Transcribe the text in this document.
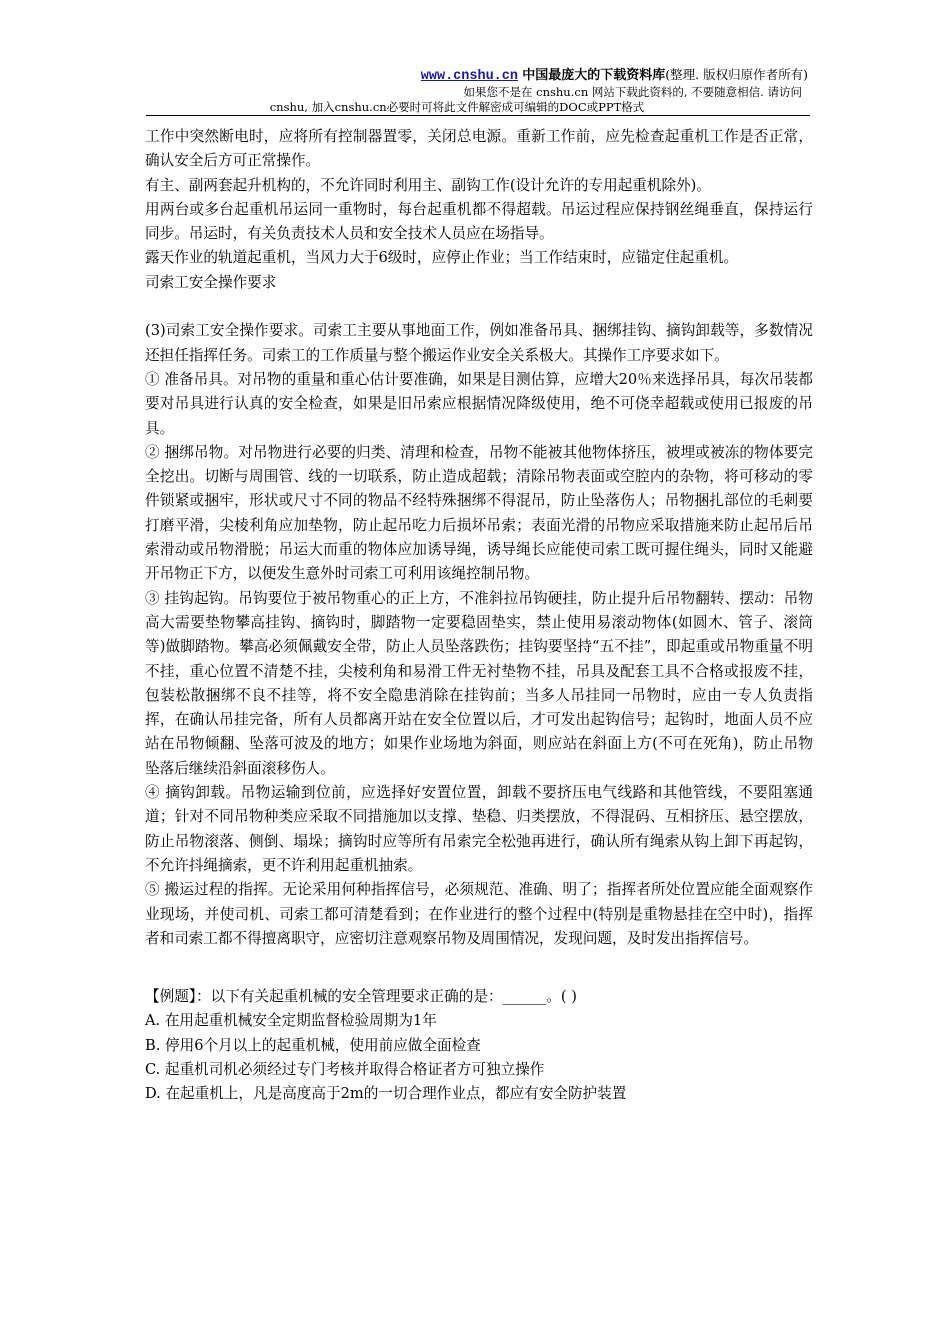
www.cnshu.cn 中国最庞大的下载资料库(整理. 版权归原作者所有)
如果您不是在 cnshu.cn 网站下载此资料的, 不要随意相信. 请访问
cnshu, 加入cnshu.cn必要时可将此文件解密成可编辑的DOC或PPT格式

工作中突然断电时，应将所有控制器置零，关闭总电源。重新工作前，应先检查起重机工作是否正常，确认安全后方可正常操作。

有主、副两套起升机构的，不允许同时利用主、副钩工作(设计允许的专用起重机除外)。

用两台或多台起重机吊运同一重物时，每台起重机都不得超载。吊运过程应保持钢丝绳垂直，保持运行同步。吊运时，有关负责技术人员和安全技术人员应在场指导。

露天作业的轨道起重机，当风力大于6级时，应停止作业；当工作结束时，应锚定住起重机。

司索工安全操作要求

(3)司索工安全操作要求。司索工主要从事地面工作，例如准备吊具、捆绑挂钩、摘钩卸载等，多数情况还担任指挥任务。司索工的工作质量与整个搬运作业安全关系极大。其操作工序要求如下。

① 准备吊具。对吊物的重量和重心估计要准确，如果是目测估算，应增大20％来选择吊具，每次吊装都要对吊具进行认真的安全检查，如果是旧吊索应根据情况降级使用，绝不可侥幸超载或使用已报废的吊具。

② 捆绑吊物。对吊物进行必要的归类、清理和检查，吊物不能被其他物体挤压，被埋或被冻的物体要完全挖出。切断与周围管、线的一切联系，防止造成超载；清除吊物表面或空腔内的杂物，将可移动的零件锁紧或捆牢，形状或尺寸不同的物品不经特殊捆绑不得混吊，防止坠落伤人；吊物捆扎部位的毛刺要打磨平滑，尖棱利角应加垫物，防止起吊吃力后损坏吊索；表面光滑的吊物应采取措施来防止起吊后吊索滑动或吊物滑脱；吊运大而重的物体应加诱导绳，诱导绳长应能使司索工既可握住绳头，同时又能避开吊物正下方，以便发生意外时司索工可利用该绳控制吊物。

③ 挂钩起钩。吊钩要位于被吊物重心的正上方，不准斜拉吊钩硬挂，防止提升后吊物翻转、摆动：吊物高大需要垫物攀高挂钩、摘钩时，脚踏物一定要稳固垫实，禁止使用易滚动物体(如圆木、管子、滚筒等)做脚踏物。攀高必须佩戴安全带，防止人员坠落跌伤；挂钩要坚持“五不挂”，即起重或吊物重量不明不挂，重心位置不清楚不挂，尖棱利角和易滑工件无衬垫物不挂，吊具及配套工具不合格或报废不挂，包装松散捆绑不良不挂等，将不安全隐患消除在挂钩前；当多人吊挂同一吊物时，应由一专人负责指挥，在确认吊挂完备，所有人员都离开站在安全位置以后，才可发出起钩信号；起钩时，地面人员不应站在吊物倾翻、坠落可波及的地方；如果作业场地为斜面，则应站在斜面上方(不可在死角)，防止吊物坠落后继续沿斜面滚移伤人。

④ 摘钩卸载。吊物运输到位前，应选择好安置位置，卸载不要挤压电气线路和其他管线，不要阻塞通道；针对不同吊物种类应采取不同措施加以支撑、垫稳、归类摆放，不得混码、互相挤压、悬空摆放，防止吊物滚落、侧倒、塌垛；摘钩时应等所有吊索完全松弛再进行，确认所有绳索从钩上卸下再起钩，不允许抖绳摘索，更不许利用起重机抽索。

⑤ 搬运过程的指挥。无论采用何种指挥信号，必须规范、准确、明了；指挥者所处位置应能全面观察作业现场，并使司机、司索工都可清楚看到；在作业进行的整个过程中(特别是重物悬挂在空中时)，指挥者和司索工都不得擅离职守，应密切注意观察吊物及周围情况，发现问题，及时发出指挥信号。

【例题】：以下有关起重机械的安全管理要求正确的是：______。( )

A. 在用起重机械安全定期监督检验周期为1年

B. 停用6个月以上的起重机械，使用前应做全面检查

C. 起重机司机必须经过专门考核并取得合格证者方可独立操作

D. 在起重机上，凡是高度高于2m的一切合理作业点，都应有安全防护装置
